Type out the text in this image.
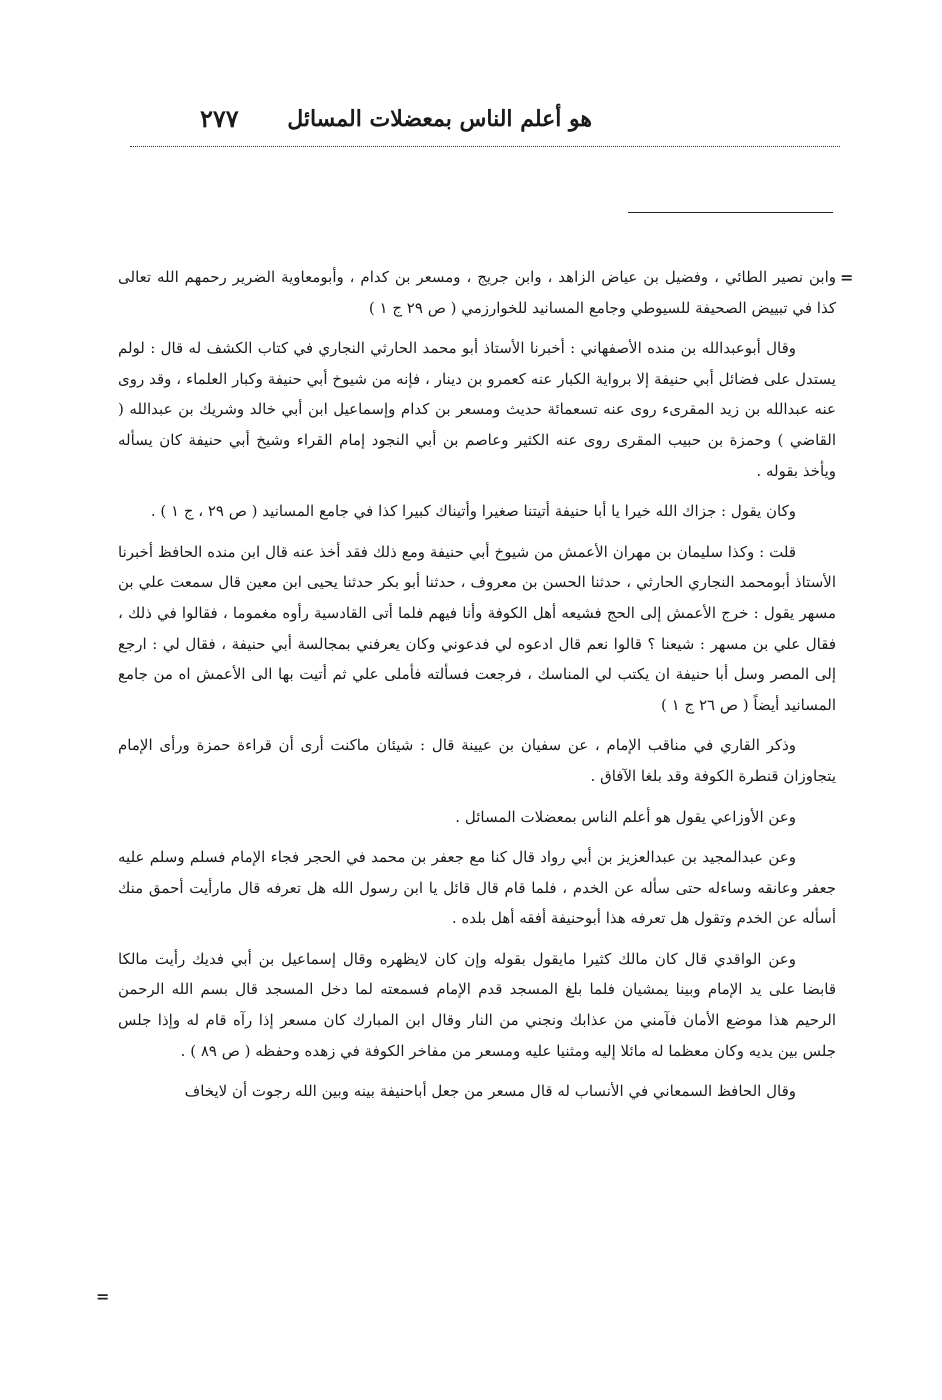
هو أعلم الناس بمعضلات المسائل
٢٧٧
=
=

وابن نصير الطائي ، وفضيل بن عياض الزاهد ، وابن جريج ، ومسعر بن كدام ، وأبومعاوية الضرير رحمهم الله تعالى كذا في تبييض الصحيفة للسيوطي وجامع المسانيد للخوارزمي ( ص ٢٩ ج ١ )

وقال أبوعبدالله بن منده الأصفهاني : أخبرنا الأستاذ أبو محمد الحارثي النجاري في كتاب الكشف له قال : لولم يستدل على فضائل أبي حنيفة إلا برواية الكبار عنه كعمرو بن دينار ، فإنه من شيوخ أبي حنيفة وكبار العلماء ، وقد روى عنه عبدالله بن زيد المقرىء روى عنه تسعمائة حديث ومسعر بن كدام وإسماعيل ابن أبي خالد وشريك بن عبدالله ( القاضي ) وحمزة بن حبيب المقرى روى عنه الكثير وعاصم بن أبي النجود إمام القراء وشيخ أبي حنيفة كان يسأله ويأخذ بقوله .

وكان يقول : جزاك الله خيرا يا أبا حنيفة أتيتنا صغيرا وأتيناك كبيرا كذا في جامع المسانيد ( ص ٢٩ ، ج ١ ) .

قلت : وكذا سليمان بن مهران الأعمش من شيوخ أبي حنيفة ومع ذلك فقد أخذ عنه قال ابن منده الحافظ أخبرنا الأستاذ أبومحمد النجاري الحارثي ، حدثنا الحسن بن معروف ، حدثنا أبو بكر حدثنا يحيى ابن معين قال سمعت علي بن مسهر يقول : خرج الأعمش إلى الحج فشيعه أهل الكوفة وأنا فيهم فلما أتى القادسية رأوه مغموما ، فقالوا في ذلك ، فقال علي بن مسهر : شيعنا ؟ قالوا نعم قال ادعوه لي فدعوني وكان يعرفني بمجالسة أبي حنيفة ، فقال لي : ارجع إلى المصر وسل أبا حنيفة ان يكتب لي المناسك ، فرجعت فسألته فأملى علي ثم أتيت بها الى الأعمش اه من جامع المسانيد أيضاً ( ص ٢٦ ج ١ )

وذكر القاري في مناقب الإمام ، عن سفيان بن عيينة قال : شيئان ماكنت أرى أن قراءة حمزة ورأى الإمام يتجاوزان قنطرة الكوفة وقد بلغا الآفاق .

وعن الأوزاعي يقول هو أعلم الناس بمعضلات المسائل .

وعن عبدالمجيد بن عبدالعزيز بن أبي رواد قال كنا مع جعفر بن محمد في الحجر فجاء الإمام فسلم وسلم عليه جعفر وعانقه وساءله حتى سأله عن الخدم ، فلما قام قال قائل يا ابن رسول الله هل تعرفه قال مارأيت أحمق منك أسأله عن الخدم وتقول هل تعرفه هذا أبوحنيفة أفقه أهل بلده .

وعن الواقدي قال كان مالك كثيرا مايقول بقوله وإن كان لايظهره وقال إسماعيل بن أبي فديك رأيت مالكا قابضا على يد الإمام وبينا يمشيان فلما بلغ المسجد قدم الإمام فسمعته لما دخل المسجد قال بسم الله الرحمن الرحيم هذا موضع الأمان فآمني من عذابك ونجني من النار وقال ابن المبارك كان مسعر إذا رآه قام له وإذا جلس جلس بين يديه وكان معظما له مائلا إليه ومثنيا عليه ومسعر من مفاخر الكوفة في زهده وحفظه ( ص ٨٩ ) .

وقال الحافظ السمعاني في الأنساب له قال مسعر من جعل أباحنيفة بينه وبين الله رجوت أن لايخاف
